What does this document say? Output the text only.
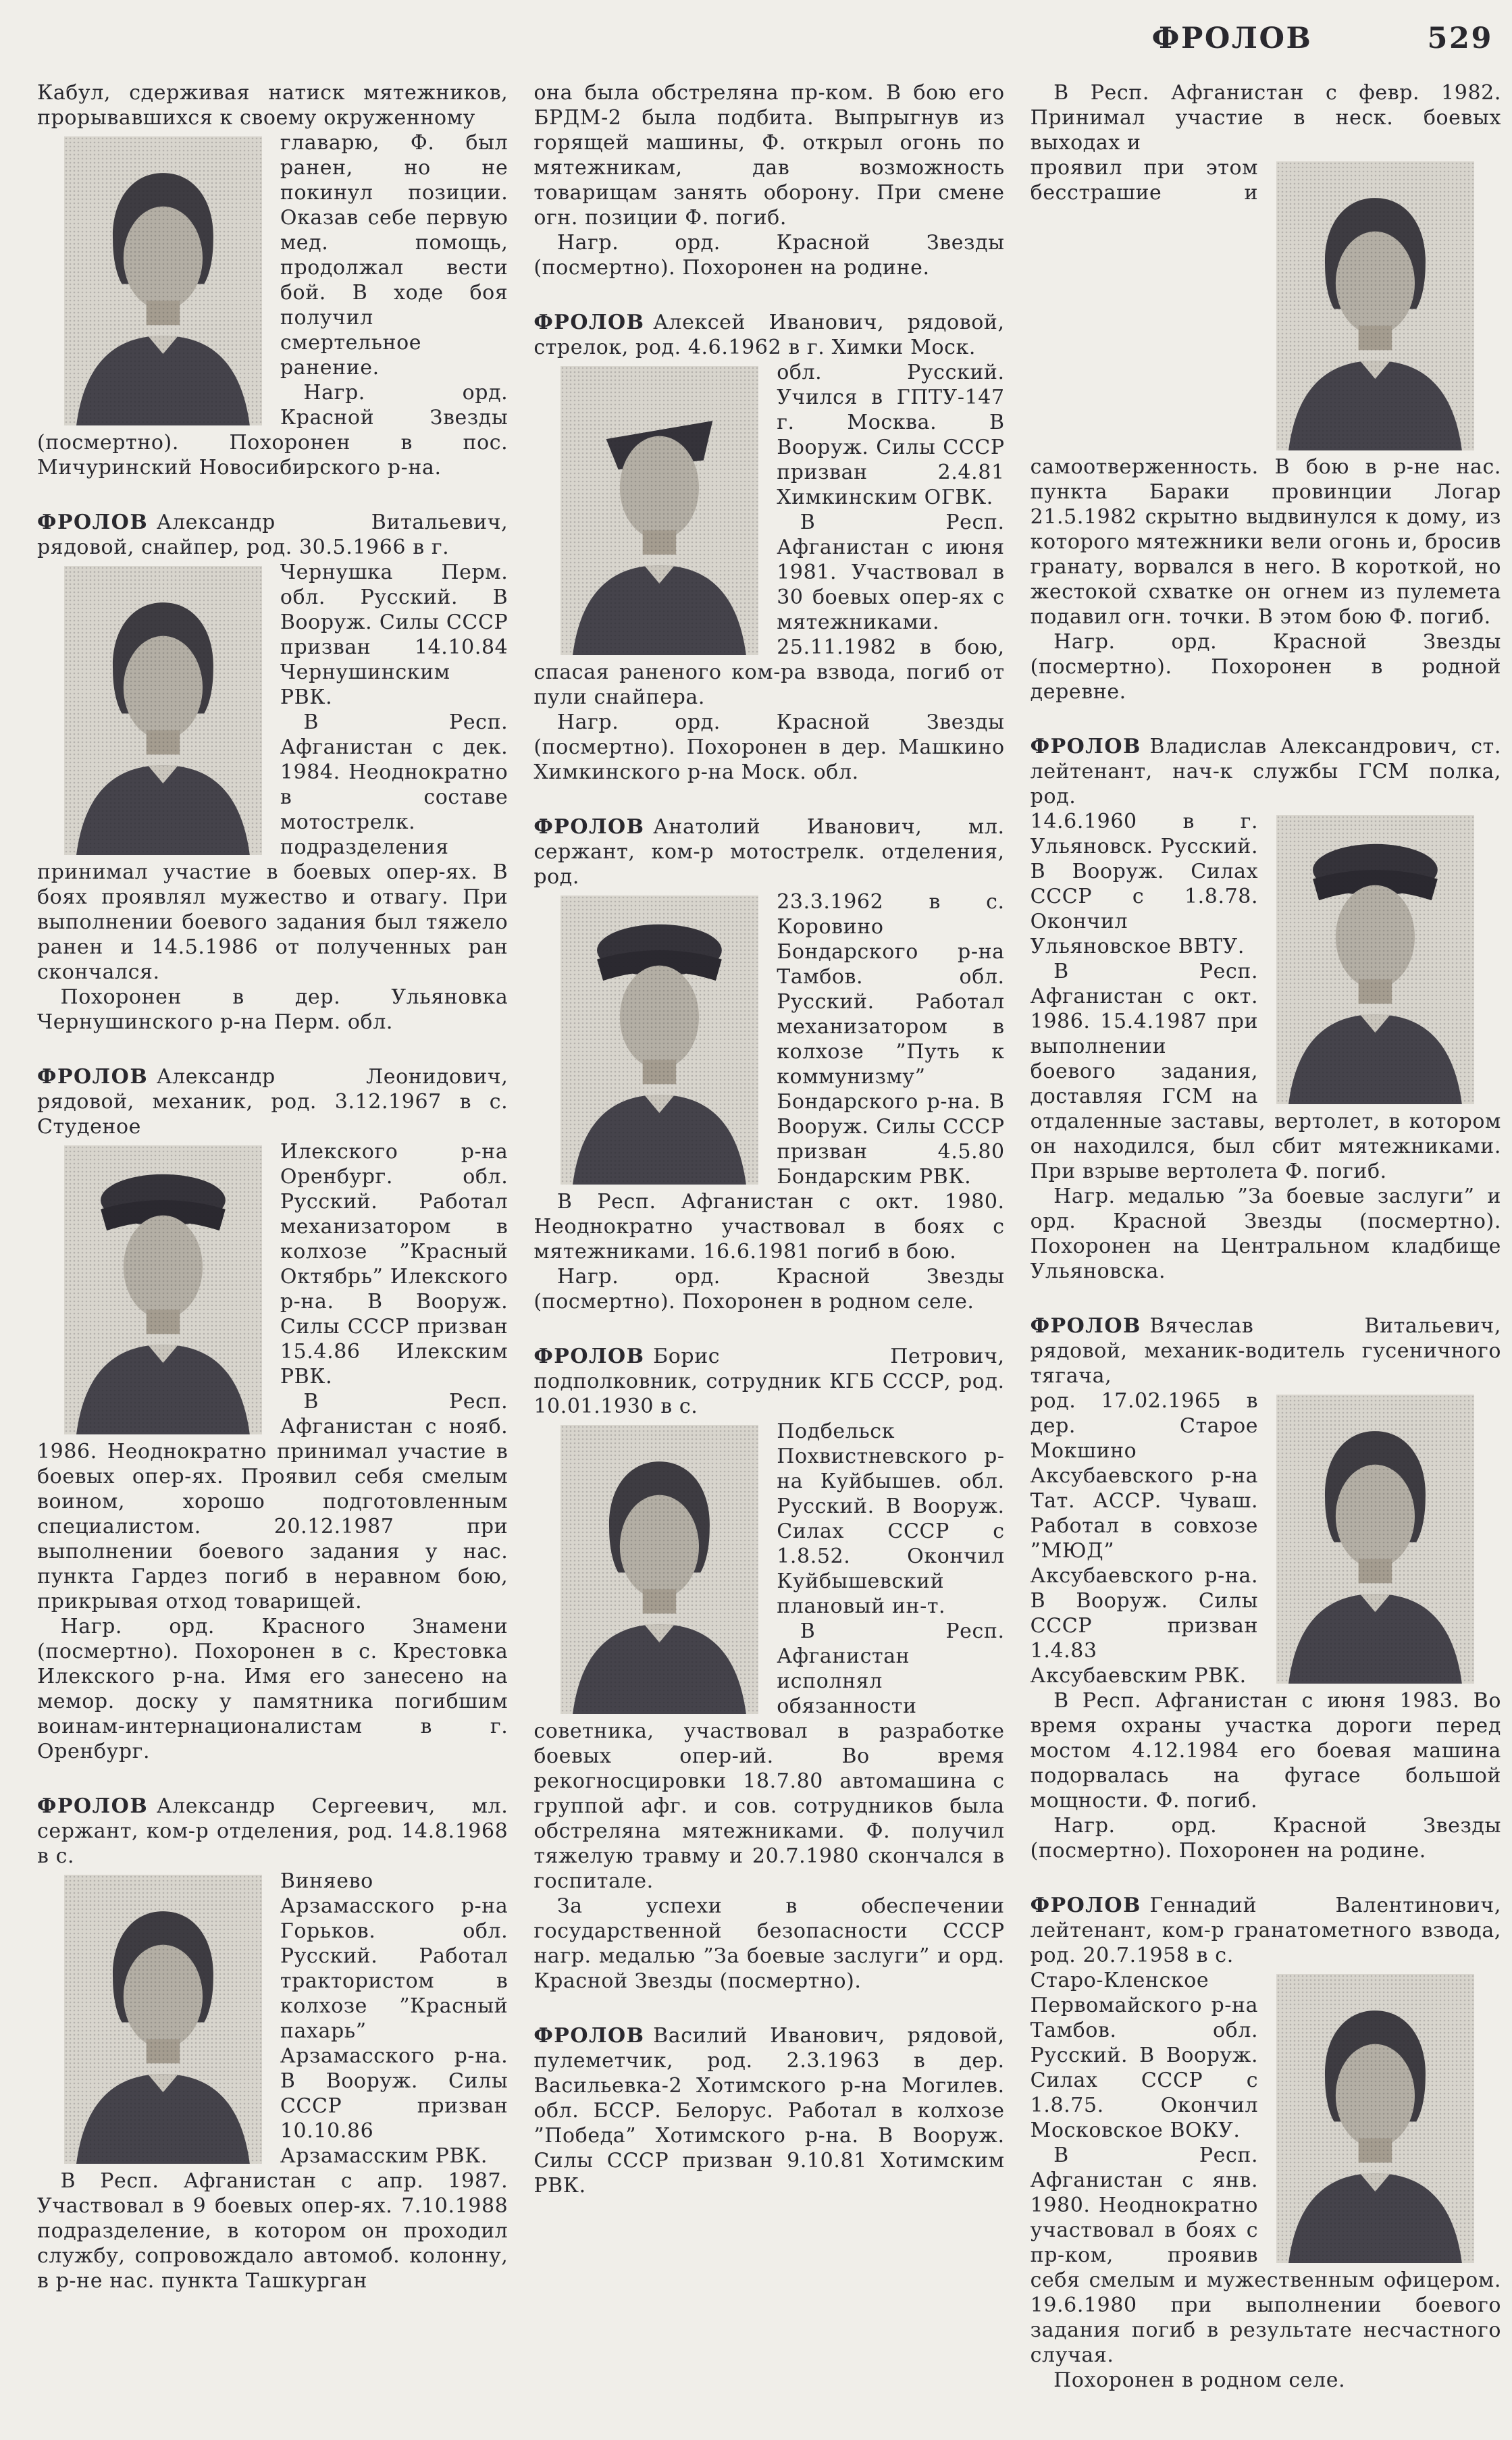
ФРОЛОВ	529

Кабул, сдерживая натиск мятежников, прорывавшихся к своему окруженному

главарю, Ф. был ранен, но не покинул позиции. Оказав себе первую мед. помощь, продолжал вести бой. В ходе боя получил смертельное ранение.

Нагр. орд. Красной Звезды (посмертно). Похоронен в пос. Мичуринский Новосибирского р-на.

ФРОЛОВ Александр Витальевич, рядовой, снайпер, род. 30.5.1966 в г.

Чернушка Перм. обл. Русский. В Вооруж. Силы СССР призван 14.10.84 Чернушинским РВК.

В Респ. Афганистан с дек. 1984. Неоднократно в составе мотострелк. подразделения принимал участие в боевых опер-ях. В боях проявлял мужество и отвагу. При выполнении боевого задания был тяжело ранен и 14.5.1986 от полученных ран скончался.

Похоронен в дер. Ульяновка Чернушинского р-на Перм. обл.

ФРОЛОВ Александр Леонидович, рядовой, механик, род. 3.12.1967 в с. Студеное

Илекского р-на Оренбург. обл. Русский. Работал механизатором в колхозе ”Красный Октябрь” Илекского р-на. В Вооруж. Силы СССР призван 15.4.86 Илекским РВК.

В Респ. Афганистан с нояб. 1986. Неоднократно принимал участие в боевых опер-ях. Проявил себя смелым воином, хорошо подготовленным специалистом. 20.12.1987 при выполнении боевого задания у нас. пункта Гардез погиб в неравном бою, прикрывая отход товарищей.

Нагр. орд. Красного Знамени (посмертно). Похоронен в с. Крестовка Илекского р-на. Имя его занесено на мемор. доску у памятника погибшим воинам-интернационалистам в г. Оренбург.

ФРОЛОВ Александр Сергеевич, мл. сержант, ком-р отделения, род. 14.8.1968 в с.

Виняево Арзамасского р-на Горьков. обл. Русский. Работал трактористом в колхозе ”Красный пахарь” Арзамасского р-на. В Вооруж. Силы СССР призван 10.10.86 Арзамасским РВК.

В Респ. Афганистан с апр. 1987. Участвовал в 9 боевых опер-ях. 7.10.1988 подразделение, в котором он проходил службу, сопровождало автомоб. колонну, в р-не нас. пункта Ташкурган

она была обстреляна пр-ком. В бою его БРДМ-2 была подбита. Выпрыгнув из горящей машины, Ф. открыл огонь по мятежникам, дав возможность товарищам занять оборону. При смене огн. позиции Ф. погиб.

Нагр. орд. Красной Звезды (посмертно). Похоронен на родине.

ФРОЛОВ Алексей Иванович, рядовой, стрелок, род. 4.6.1962 в г. Химки Моск.

обл. Русский. Учился в ГПТУ-147 г. Москва. В Вооруж. Силы СССР призван 2.4.81 Химкинским ОГВК.

В Респ. Афганистан с июня 1981. Участвовал в 30 боевых опер-ях с мятежниками. 25.11.1982 в бою, спасая раненого ком-ра взвода, погиб от пули снайпера.

Нагр. орд. Красной Звезды (посмертно). Похоронен в дер. Машкино Химкинского р-на Моск. обл.

ФРОЛОВ Анатолий Иванович, мл. сержант, ком-р мотострелк. отделения, род.

23.3.1962 в с. Коровино Бондарского р-на Тамбов. обл. Русский. Работал механизатором в колхозе ”Путь к коммунизму” Бондарского р-на. В Вооруж. Силы СССР призван 4.5.80 Бондарским РВК.

В Респ. Афганистан с окт. 1980. Неоднократно участвовал в боях с мятежниками. 16.6.1981 погиб в бою.

Нагр. орд. Красной Звезды (посмертно). Похоронен в родном селе.

ФРОЛОВ Борис Петрович, подполковник, сотрудник КГБ СССР, род. 10.01.1930 в с.

Подбельск Похвистневского р-на Куйбышев. обл. Русский. В Вооруж. Силах СССР с 1.8.52. Окончил Куйбышевский плановый ин-т.

В Респ. Афганистан исполнял обязанности советника, участвовал в разработке боевых опер-ий. Во время рекогносцировки 18.7.80 автомашина с группой афг. и сов. сотрудников была обстреляна мятежниками. Ф. получил тяжелую травму и 20.7.1980 скончался в госпитале.

За успехи в обеспечении государственной безопасности СССР нагр. медалью ”За боевые заслуги” и орд. Красной Звезды (посмертно).

ФРОЛОВ Василий Иванович, рядовой, пулеметчик, род. 2.3.1963 в дер. Васильевка-2 Хотимского р-на Могилев. обл. БССР. Белорус. Работал в колхозе ”Победа” Хотимского р-на. В Вооруж. Силы СССР призван 9.10.81 Хотимским РВК.

В Респ. Афганистан с февр. 1982. Принимал участие в неск. боевых выходах и

проявил при этом бесстрашие и самоотверженность. В бою в р-не нас. пункта Бараки провинции Логар 21.5.1982 скрытно выдвинулся к дому, из которого мятежники вели огонь и, бросив гранату, ворвался в него. В короткой, но жестокой схватке он огнем из пулемета подавил огн. точки. В этом бою Ф. погиб.

Нагр. орд. Красной Звезды (посмертно). Похоронен в родной деревне.

ФРОЛОВ Владислав Александрович, ст. лейтенант, нач-к службы ГСМ полка, род.

14.6.1960 в г. Ульяновск. Русский. В Вооруж. Силах СССР с 1.8.78. Окончил Ульяновское ВВТУ.

В Респ. Афганистан с окт. 1986. 15.4.1987 при выполнении боевого задания, доставляя ГСМ на отдаленные заставы, вертолет, в котором он находился, был сбит мятежниками. При взрыве вертолета Ф. погиб.

Нагр. медалью ”За боевые заслуги” и орд. Красной Звезды (посмертно). Похоронен на Центральном кладбище Ульяновска.

ФРОЛОВ Вячеслав Витальевич, рядовой, механик-водитель гусеничного тягача,

род. 17.02.1965 в дер. Старое Мокшино Аксубаевского р-на Тат. АССР. Чуваш. Работал в совхозе ”МЮД” Аксубаевского р-на. В Вооруж. Силы СССР призван 1.4.83 Аксубаевским РВК.

В Респ. Афганистан с июня 1983. Во время охраны участка дороги перед мостом 4.12.1984 его боевая машина подорвалась на фугасе большой мощности. Ф. погиб.

Нагр. орд. Красной Звезды (посмертно). Похоронен на родине.

ФРОЛОВ Геннадий Валентинович, лейтенант, ком-р гранатометного взвода, род. 20.7.1958 в с.

Старо-Кленское Первомайского р-на Тамбов. обл. Русский. В Вооруж. Силах СССР с 1.8.75. Окончил Московское ВОКУ.

В Респ. Афганистан с янв. 1980. Неоднократно участвовал в боях с пр-ком, проявив себя смелым и мужественным офицером. 19.6.1980 при выполнении боевого задания погиб в результате несчастного случая.

Похоронен в родном селе.
